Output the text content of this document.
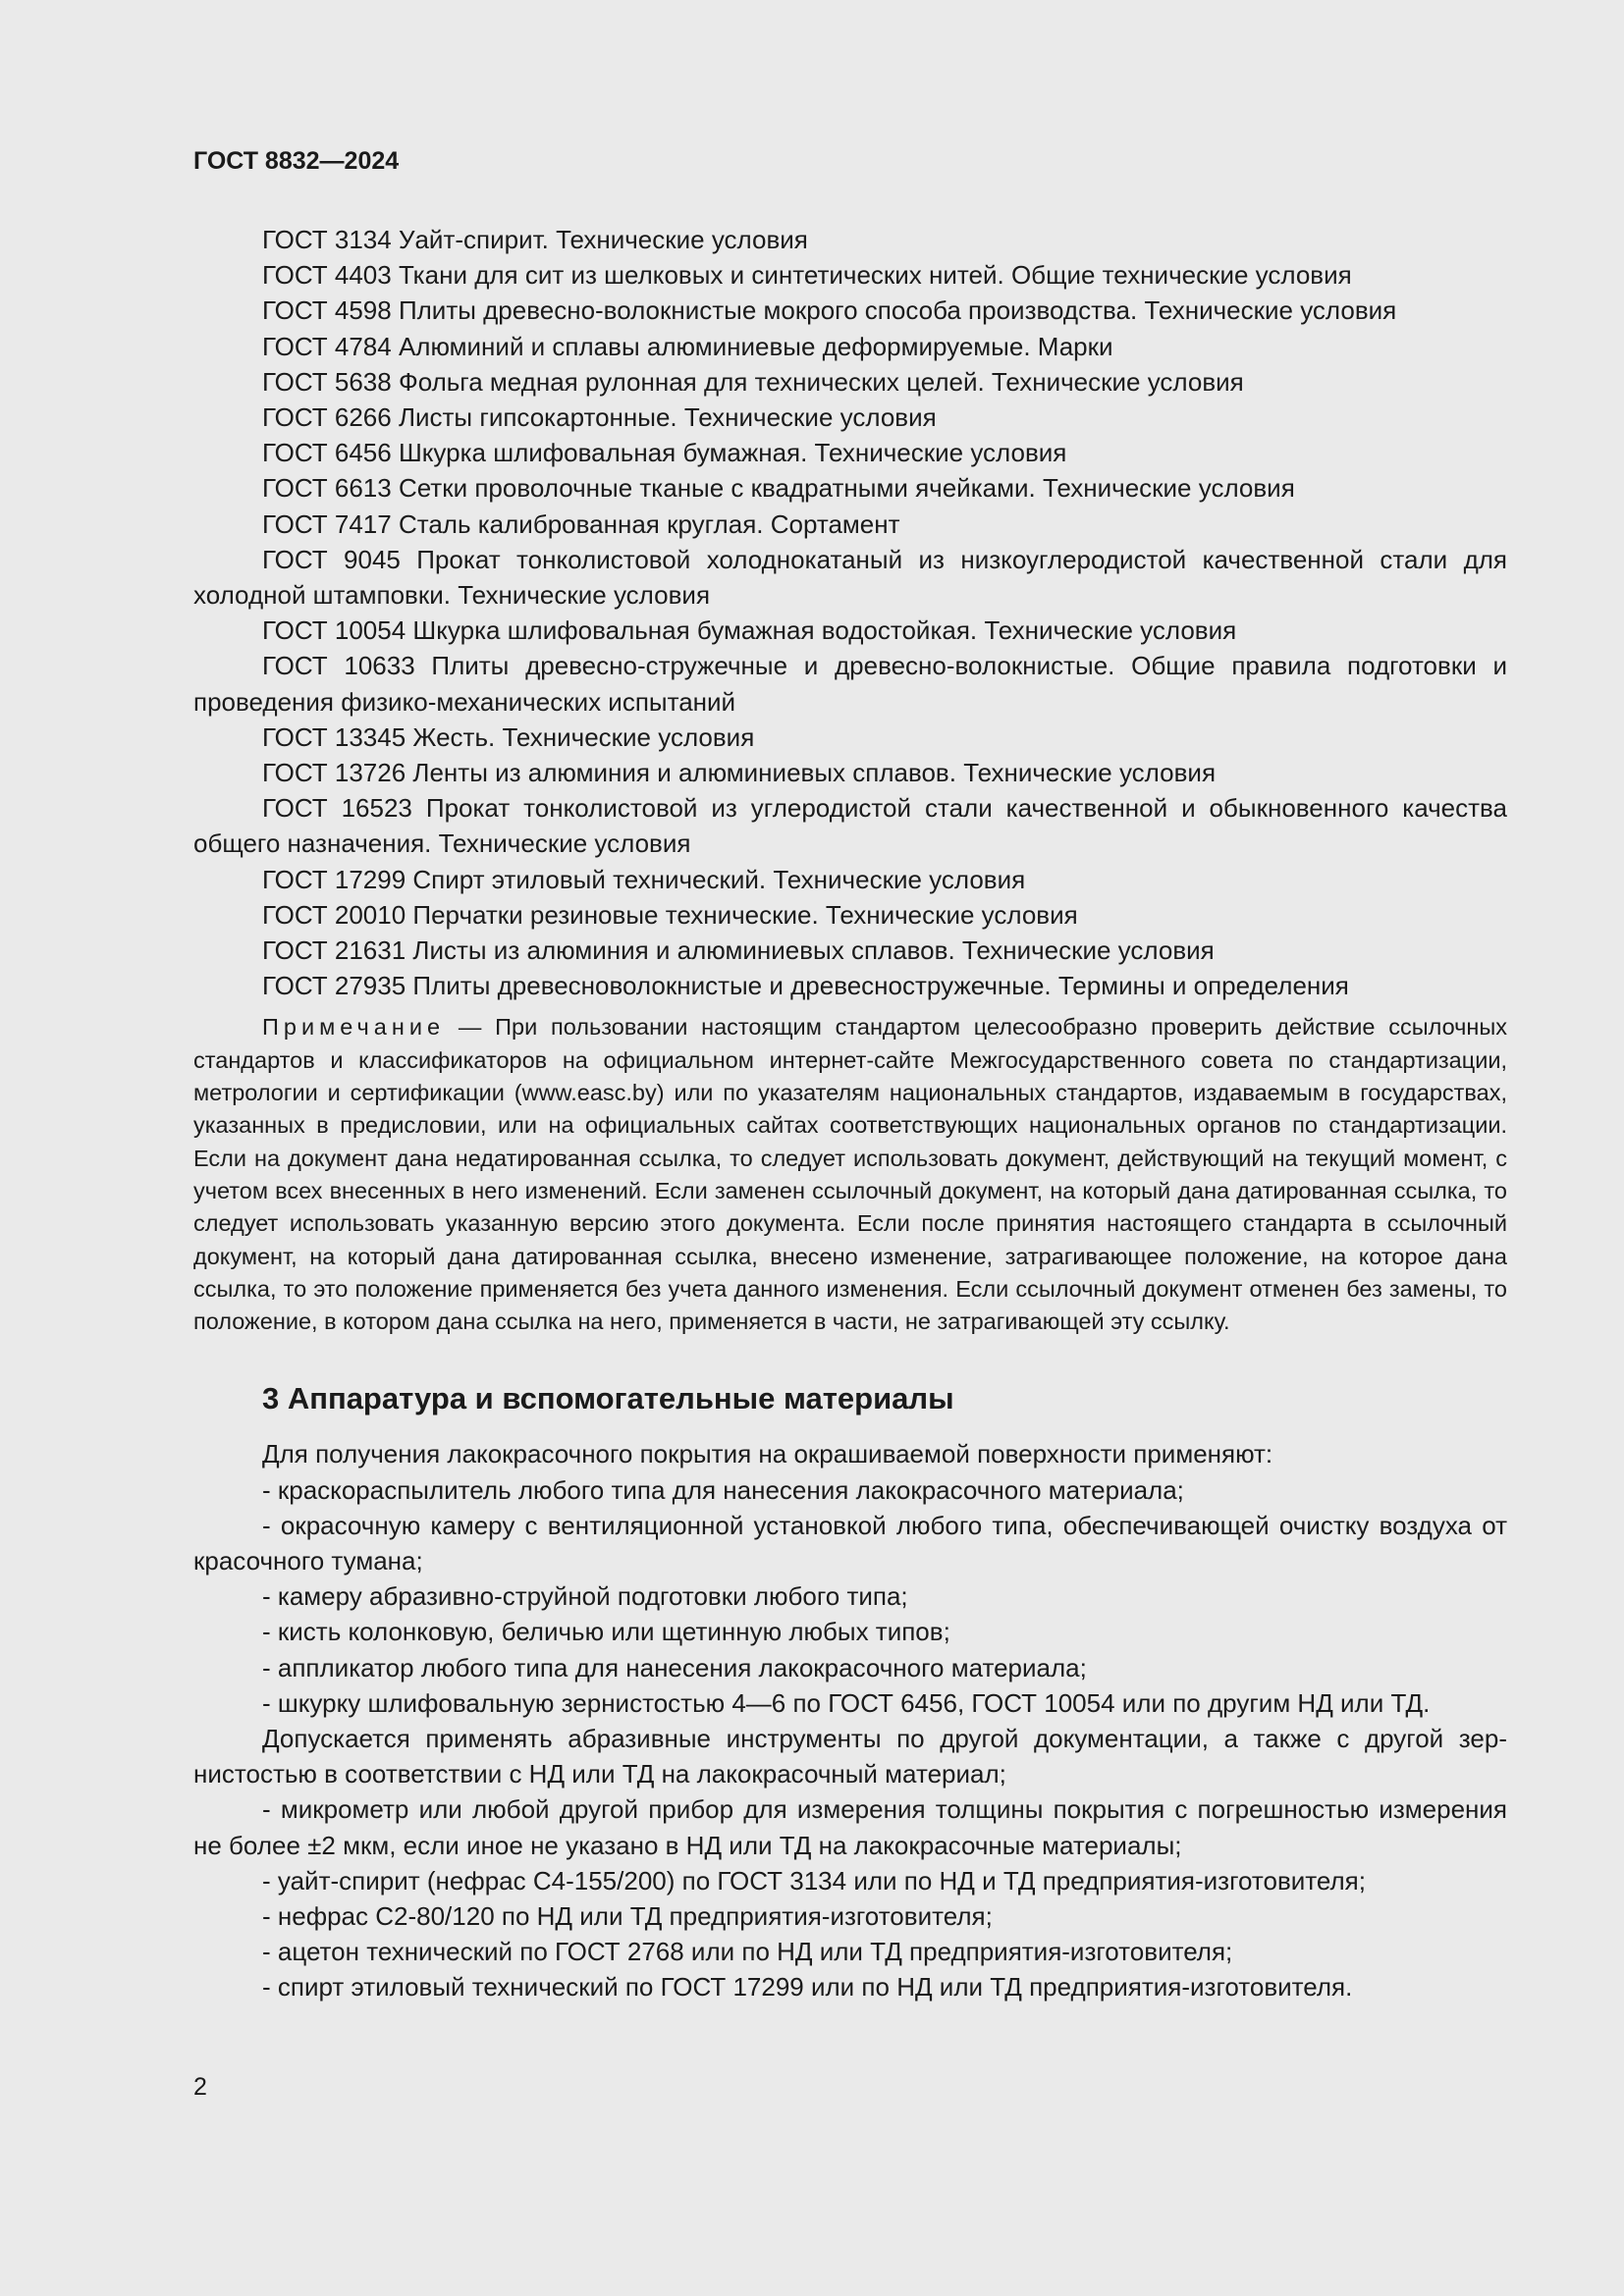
ГОСТ 8832—2024

ГОСТ 3134 Уайт-спирит. Технические условия

ГОСТ 4403 Ткани для сит из шелковых и синтетических нитей. Общие технические условия

ГОСТ 4598 Плиты древесно-волокнистые мокрого способа производства. Технические условия

ГОСТ 4784 Алюминий и сплавы алюминиевые деформируемые. Марки

ГОСТ 5638 Фольга медная рулонная для технических целей. Технические условия

ГОСТ 6266 Листы гипсокартонные. Технические условия

ГОСТ 6456 Шкурка шлифовальная бумажная. Технические условия

ГОСТ 6613 Сетки проволочные тканые с квадратными ячейками. Технические условия

ГОСТ 7417 Сталь калиброванная круглая. Сортамент

ГОСТ 9045 Прокат тонколистовой холоднокатаный из низкоуглеродистой качественной стали для холодной штамповки. Технические условия

ГОСТ 10054 Шкурка шлифовальная бумажная водостойкая. Технические условия

ГОСТ 10633 Плиты древесно-стружечные и древесно-волокнистые. Общие правила подготовки и проведения физико-механических испытаний

ГОСТ 13345 Жесть. Технические условия

ГОСТ 13726 Ленты из алюминия и алюминиевых сплавов. Технические условия

ГОСТ 16523 Прокат тонколистовой из углеродистой стали качественной и обыкновенного качества общего назначения. Технические условия

ГОСТ 17299 Спирт этиловый технический. Технические условия

ГОСТ 20010 Перчатки резиновые технические. Технические условия

ГОСТ 21631 Листы из алюминия и алюминиевых сплавов. Технические условия

ГОСТ 27935 Плиты древесноволокнистые и древесностружечные. Термины и определения

Примечание — При пользовании настоящим стандартом целесообразно проверить действие ссылочных стандартов и классификаторов на официальном интернет-сайте Межгосударственного совета по стандартизации, метрологии и сертификации (www.easc.by) или по указателям национальных стандартов, издаваемым в государствах, указанных в предисловии, или на официальных сайтах соответствующих национальных органов по стандартизации. Если на документ дана недатированная ссылка, то следует использовать документ, действующий на текущий момент, с учетом всех внесенных в него изменений. Если заменен ссылочный документ, на который дана датированная ссылка, то следует использовать указанную версию этого документа. Если после принятия настоящего стандарта в ссылочный документ, на который дана датированная ссылка, внесено изменение, затрагивающее положение, на которое дана ссылка, то это положение применяется без учета данного изменения. Если ссылочный документ отменен без замены, то положение, в котором дана ссылка на него, применяется в части, не затрагивающей эту ссылку.

3 Аппаратура и вспомогательные материалы

Для получения лакокрасочного покрытия на окрашиваемой поверхности применяют:

- краскораспылитель любого типа для нанесения лакокрасочного материала;

- окрасочную камеру с вентиляционной установкой любого типа, обеспечивающей очистку воздуха от красочного тумана;

- камеру абразивно-струйной подготовки любого типа;

- кисть колонковую, беличью или щетинную любых типов;

- аппликатор любого типа для нанесения лакокрасочного материала;

- шкурку шлифовальную зернистостью 4—6 по ГОСТ 6456, ГОСТ 10054 или по другим НД или ТД.

Допускается применять абразивные инструменты по другой документации, а также с другой зернистостью в соответствии с НД или ТД на лакокрасочный материал;

- микрометр или любой другой прибор для измерения толщины покрытия с погрешностью измерения не более ±2 мкм, если иное не указано в НД или ТД на лакокрасочные материалы;

- уайт-спирит (нефрас С4-155/200) по ГОСТ 3134 или по НД и ТД предприятия-изготовителя;

- нефрас С2-80/120 по НД или ТД предприятия-изготовителя;

- ацетон технический по ГОСТ 2768 или по НД или ТД предприятия-изготовителя;

- спирт этиловый технический по ГОСТ 17299 или по НД или ТД предприятия-изготовителя.

2
